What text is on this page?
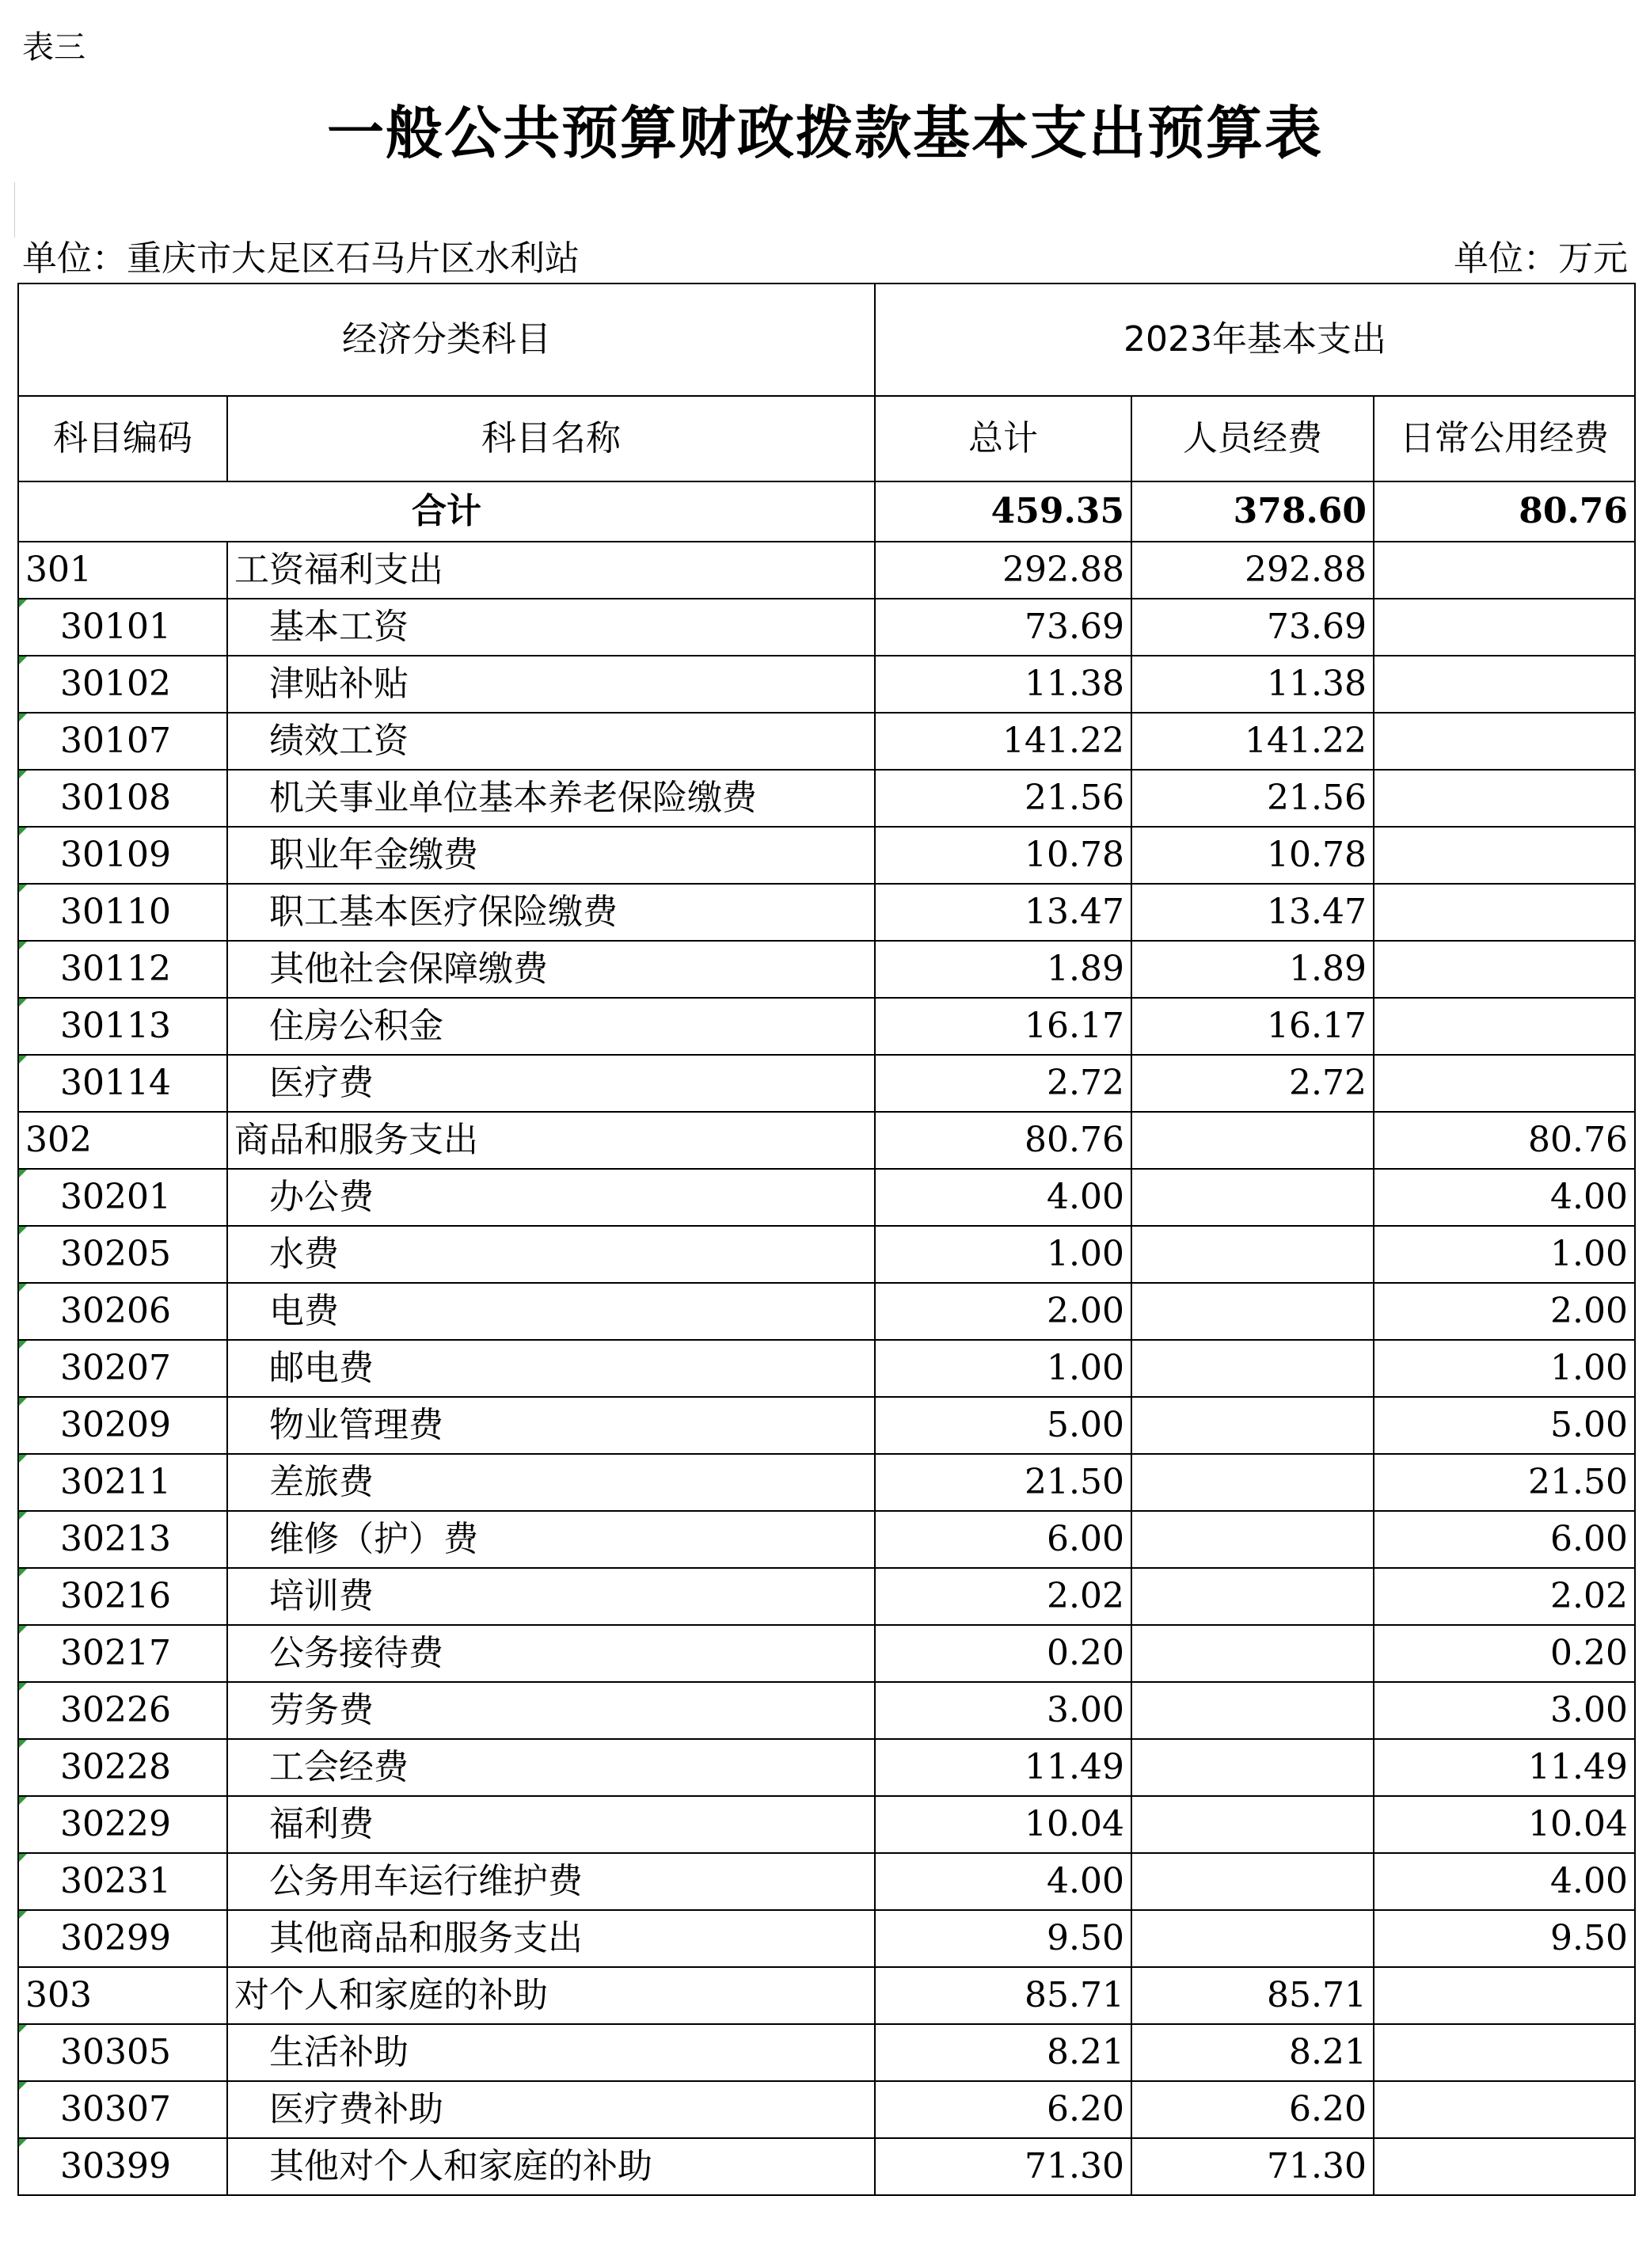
表三
一般公共预算财政拨款基本支出预算表
单位：重庆市大足区石马片区水利站	单位：万元
经济分类科目		2023年基本支出		
科目编码	科目名称	总计	人员经费	日常公用经费
合计		459.35	378.60	80.76
301	工资福利支出	292.88	292.88	

30101	基本工资	73.69	73.69	

30102	津贴补贴	11.38	11.38	

30107	绩效工资	141.22	141.22	

30108	机关事业单位基本养老保险缴费	21.56	21.56	

30109	职业年金缴费	10.78	10.78	

30110	职工基本医疗保险缴费	13.47	13.47	

30112	其他社会保障缴费	1.89	1.89	

30113	住房公积金	16.17	16.17	

30114	医疗费	2.72	2.72	
302	商品和服务支出	80.76		80.76

30201	办公费	4.00		4.00

30205	水费	1.00		1.00

30206	电费	2.00		2.00

30207	邮电费	1.00		1.00

30209	物业管理费	5.00		5.00

30211	差旅费	21.50		21.50

30213	维修（护）费	6.00		6.00

30216	培训费	2.02		2.02

30217	公务接待费	0.20		0.20

30226	劳务费	3.00		3.00

30228	工会经费	11.49		11.49

30229	福利费	10.04		10.04

30231	公务用车运行维护费	4.00		4.00

30299	其他商品和服务支出	9.50		9.50
303	对个人和家庭的补助	85.71	85.71	

30305	生活补助	8.21	8.21	

30307	医疗费补助	6.20	6.20	

30399	其他对个人和家庭的补助	71.30	71.30	
